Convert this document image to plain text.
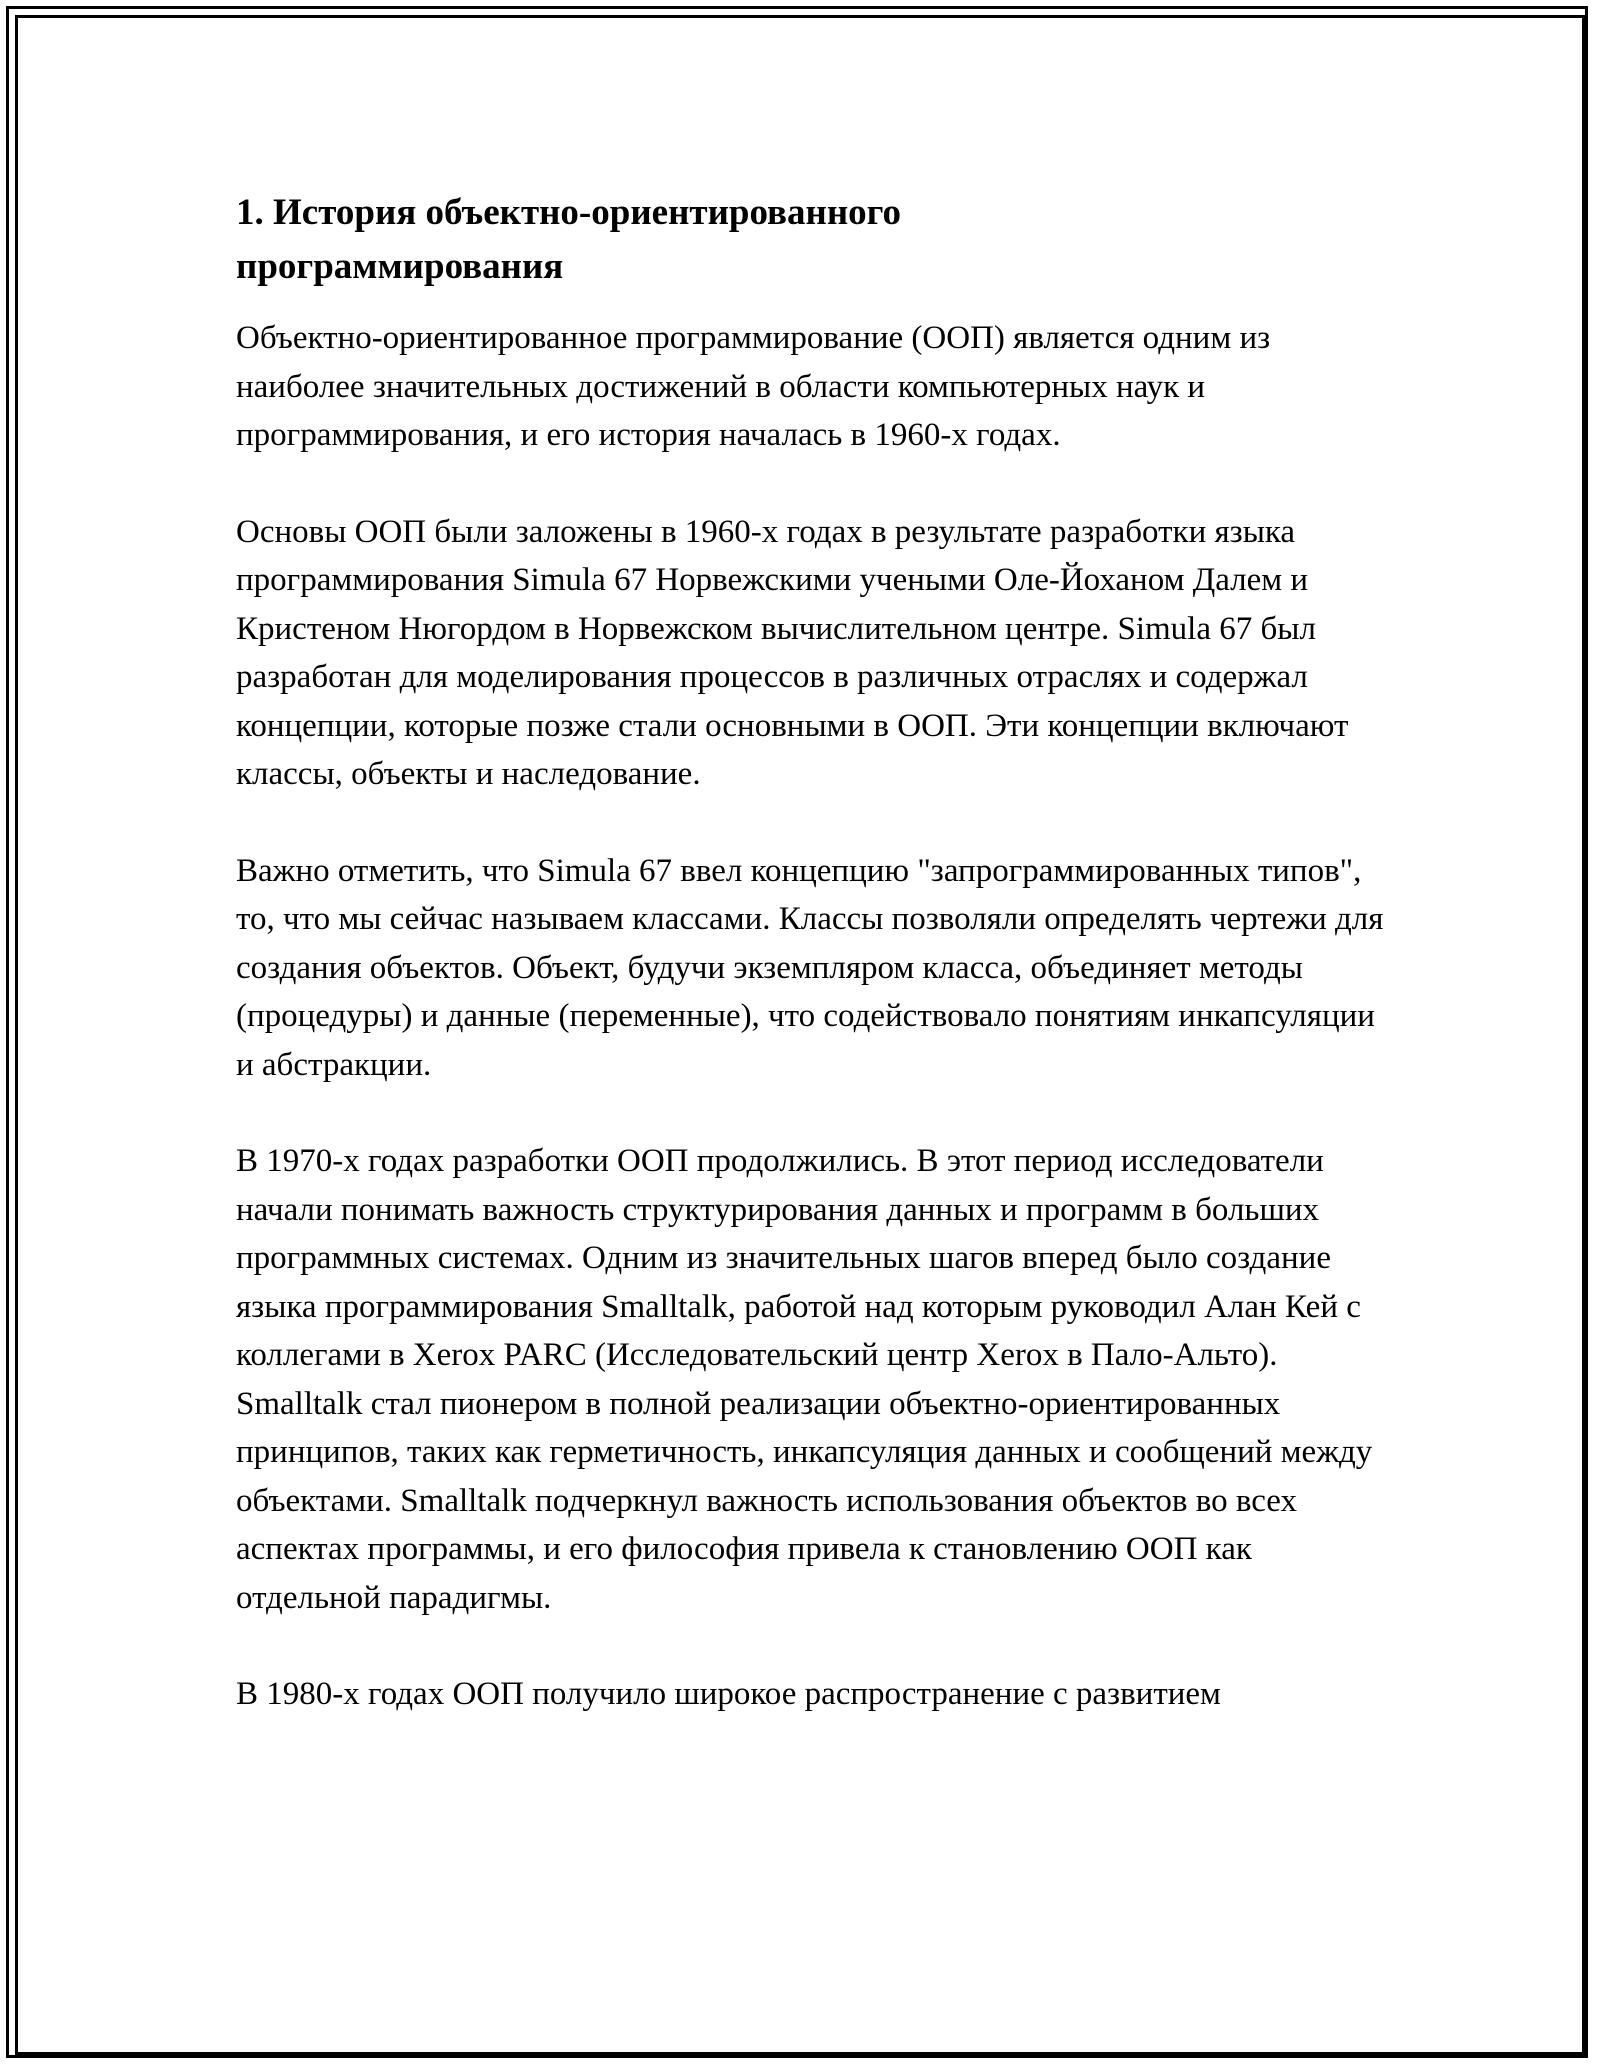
1. История объектно-ориентированного программирования

Объектно-ориентированное программирование (ООП) является одним из наиболее значительных достижений в области компьютерных наук и программирования, и его история началась в 1960-х годах.

Основы ООП были заложены в 1960-х годах в результате разработки языка программирования Simula 67 Норвежскими учеными Оле-Йоханом Далем и Кристеном Нюгордом в Норвежском вычислительном центре. Simula 67 был разработан для моделирования процессов в различных отраслях и содержал концепции, которые позже стали основными в ООП. Эти концепции включают классы, объекты и наследование.

Важно отметить, что Simula 67 ввел концепцию "запрограммированных типов", то, что мы сейчас называем классами. Классы позволяли определять чертежи для создания объектов. Объект, будучи экземпляром класса, объединяет методы (процедуры) и данные (переменные), что содействовало понятиям инкапсуляции и абстракции.

В 1970-х годах разработки ООП продолжились. В этот период исследователи начали понимать важность структурирования данных и программ в больших программных системах. Одним из значительных шагов вперед было создание языка программирования Smalltalk, работой над которым руководил Алан Кей с коллегами в Xerox PARC (Исследовательский центр Xerox в Пало-Альто). Smalltalk стал пионером в полной реализации объектно-ориентированных принципов, таких как герметичность, инкапсуляция данных и сообщений между объектами. Smalltalk подчеркнул важность использования объектов во всех аспектах программы, и его философия привела к становлению ООП как отдельной парадигмы.

В 1980-х годах ООП получило широкое распространение с развитием
